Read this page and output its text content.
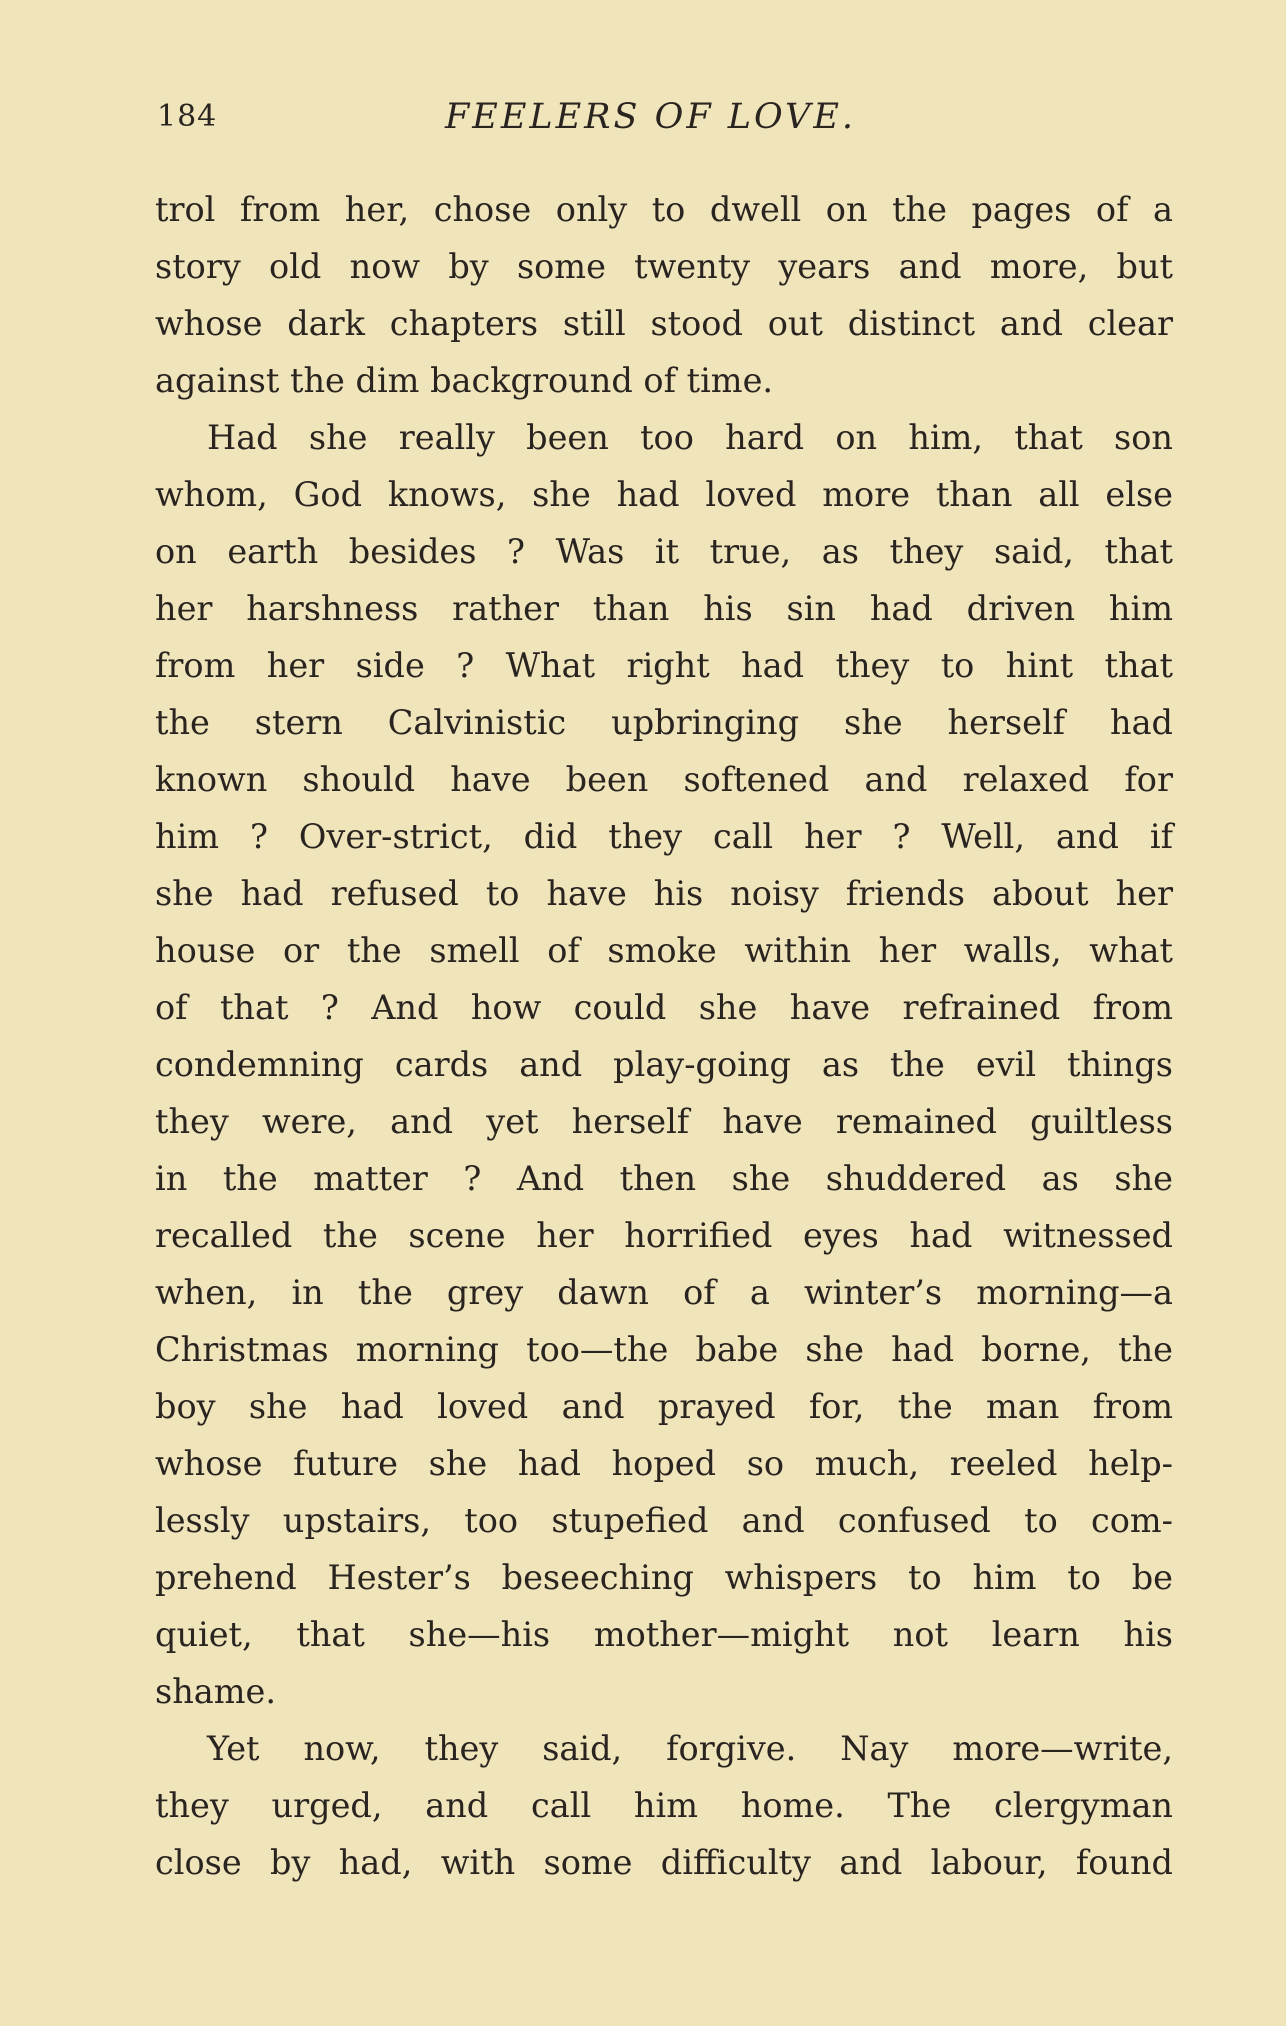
184	FEELERS OF LOVE.
trol from her, chose only to dwell on the pages of a
story old now by some twenty years and more, but
whose dark chapters still stood out distinct and clear
against the dim background of time.
Had she really been too hard on him, that son
whom, God knows, she had loved more than all else
on earth besides ? Was it true, as they said, that
her harshness rather than his sin had driven him
from her side ? What right had they to hint that
the stern Calvinistic upbringing she herself had
known should have been softened and relaxed for
him ? Over-strict, did they call her ? Well, and if
she had refused to have his noisy friends about her
house or the smell of smoke within her walls, what
of that ? And how could she have refrained from
condemning cards and play-going as the evil things
they were, and yet herself have remained guiltless
in the matter ? And then she shuddered as she
recalled the scene her horrified eyes had witnessed
when, in the grey dawn of a winter’s morning—a
Christmas morning too—the babe she had borne, the
boy she had loved and prayed for, the man from
whose future she had hoped so much, reeled help-
lessly upstairs, too stupefied and confused to com-
prehend Hester’s beseeching whispers to him to be
quiet, that she—his mother—might not learn his
shame.
Yet now, they said, forgive. Nay more—write,
they urged, and call him home. The clergyman
close by had, with some difficulty and labour, found
